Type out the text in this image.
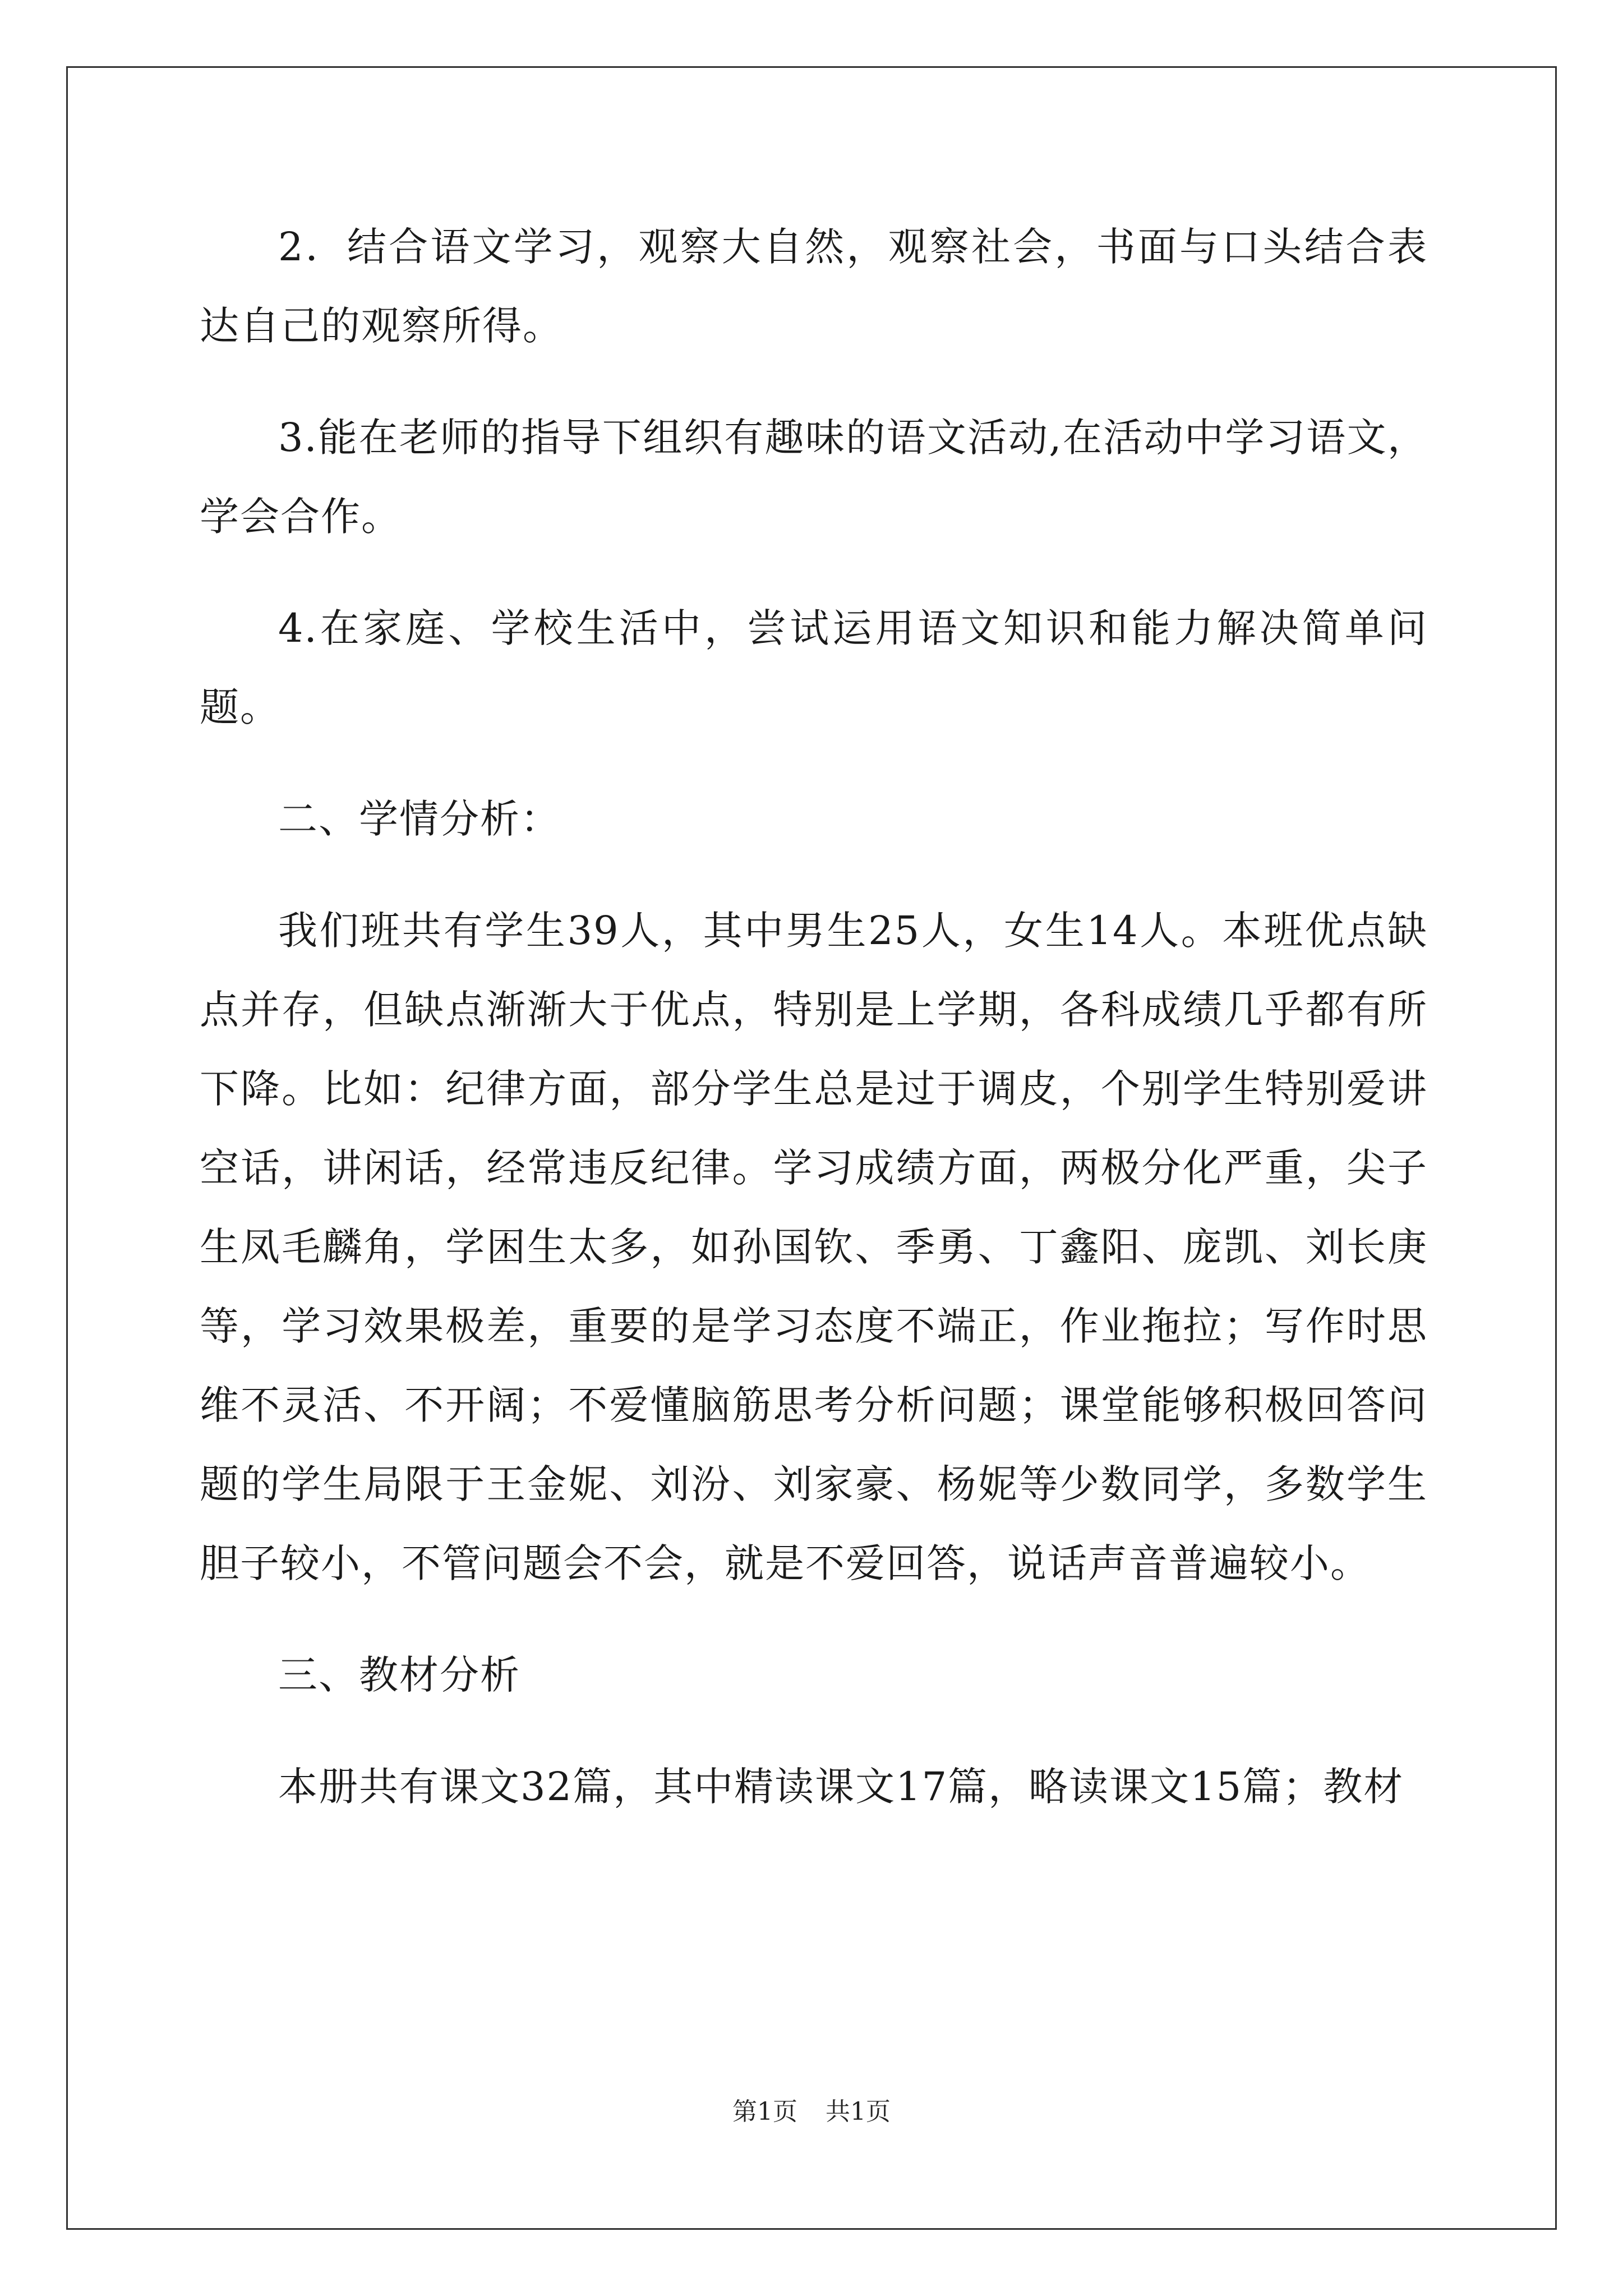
2．结合语文学习，观察大自然，观察社会，书面与口头结合表达自己的观察所得。

3.能在老师的指导下组织有趣味的语文活动,在活动中学习语文，学会合作。

4.在家庭、学校生活中，尝试运用语文知识和能力解决简单问题。

二、学情分析：

我们班共有学生39人，其中男生25人，女生14人。本班优点缺点并存，但缺点渐渐大于优点，特别是上学期，各科成绩几乎都有所下降。比如：纪律方面，部分学生总是过于调皮，个别学生特别爱讲空话，讲闲话，经常违反纪律。学习成绩方面，两极分化严重，尖子生凤毛麟角，学困生太多，如孙国钦、季勇、丁鑫阳、庞凯、刘长庚等，学习效果极差，重要的是学习态度不端正，作业拖拉；写作时思维不灵活、不开阔；不爱懂脑筋思考分析问题；课堂能够积极回答问题的学生局限于王金妮、刘汾、刘家豪、杨妮等少数同学，多数学生胆子较小，不管问题会不会，就是不爱回答，说话声音普遍较小。

三、教材分析

本册共有课文32篇，其中精读课文17篇，略读课文15篇；教材

第1页 共1页
